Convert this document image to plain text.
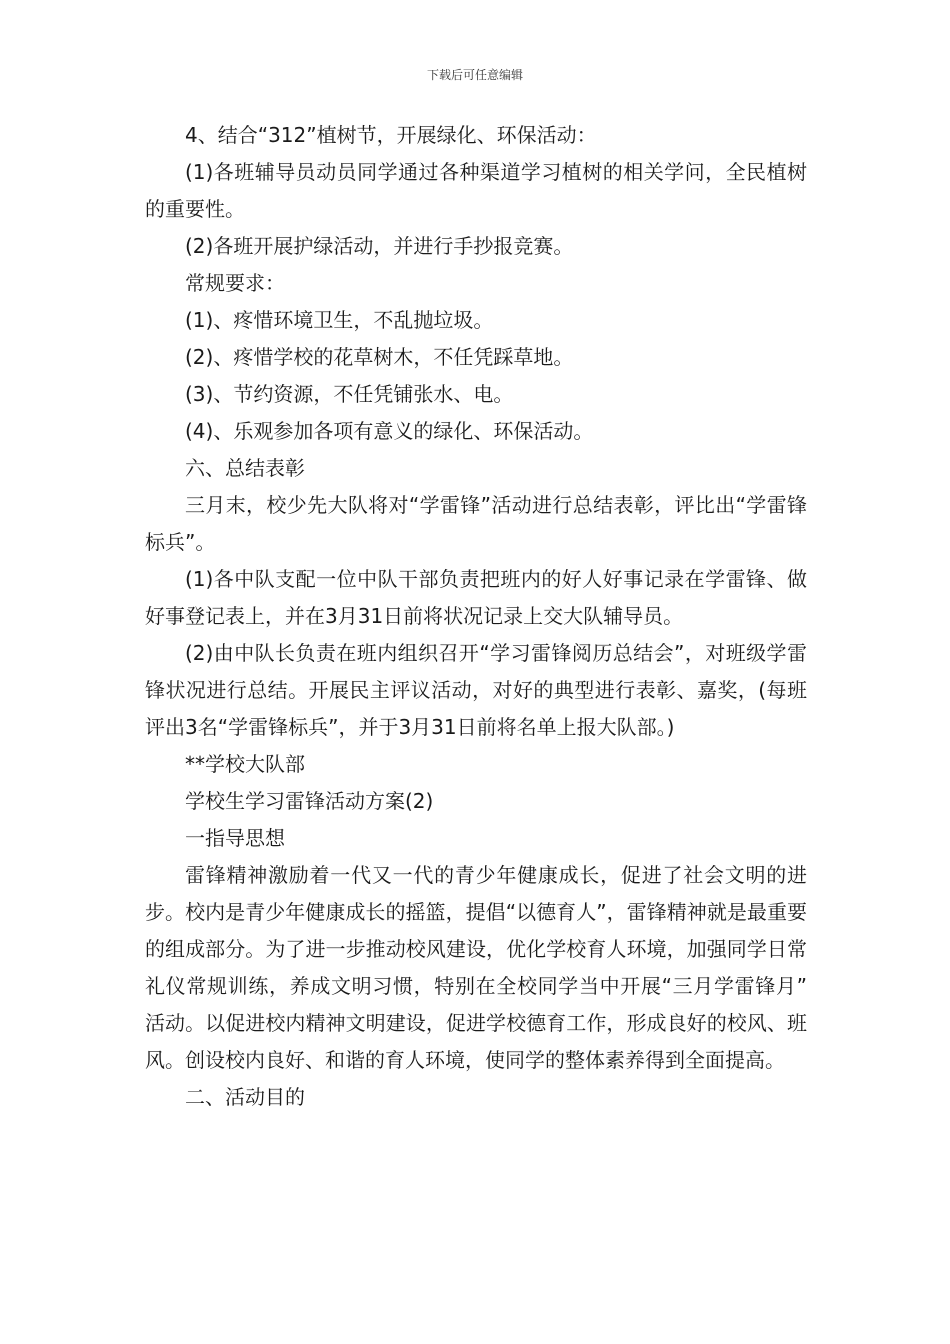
下载后可任意编辑

4、结合“312”植树节，开展绿化、环保活动：

(1)各班辅导员动员同学通过各种渠道学习植树的相关学问，全民植树的重要性。

(2)各班开展护绿活动，并进行手抄报竞赛。

常规要求：

(1)、疼惜环境卫生，不乱抛垃圾。

(2)、疼惜学校的花草树木，不任凭踩草地。

(3)、节约资源，不任凭铺张水、电。

(4)、乐观参加各项有意义的绿化、环保活动。

六、总结表彰

三月末，校少先大队将对“学雷锋”活动进行总结表彰，评比出“学雷锋标兵”。

(1)各中队支配一位中队干部负责把班内的好人好事记录在学雷锋、做好事登记表上，并在3月31日前将状况记录上交大队辅导员。

(2)由中队长负责在班内组织召开“学习雷锋阅历总结会”，对班级学雷锋状况进行总结。开展民主评议活动，对好的典型进行表彰、嘉奖，(每班评出3名“学雷锋标兵”，并于3月31日前将名单上报大队部。)

**学校大队部

学校生学习雷锋活动方案(2)

一指导思想

雷锋精神激励着一代又一代的青少年健康成长，促进了社会文明的进步。校内是青少年健康成长的摇篮，提倡“以德育人”，雷锋精神就是最重要的组成部分。为了进一步推动校风建设，优化学校育人环境，加强同学日常礼仪常规训练，养成文明习惯，特别在全校同学当中开展“三月学雷锋月” 活动。以促进校内精神文明建设，促进学校德育工作，形成良好的校风、班风。创设校内良好、和谐的育人环境，使同学的整体素养得到全面提高。

二、活动目的
